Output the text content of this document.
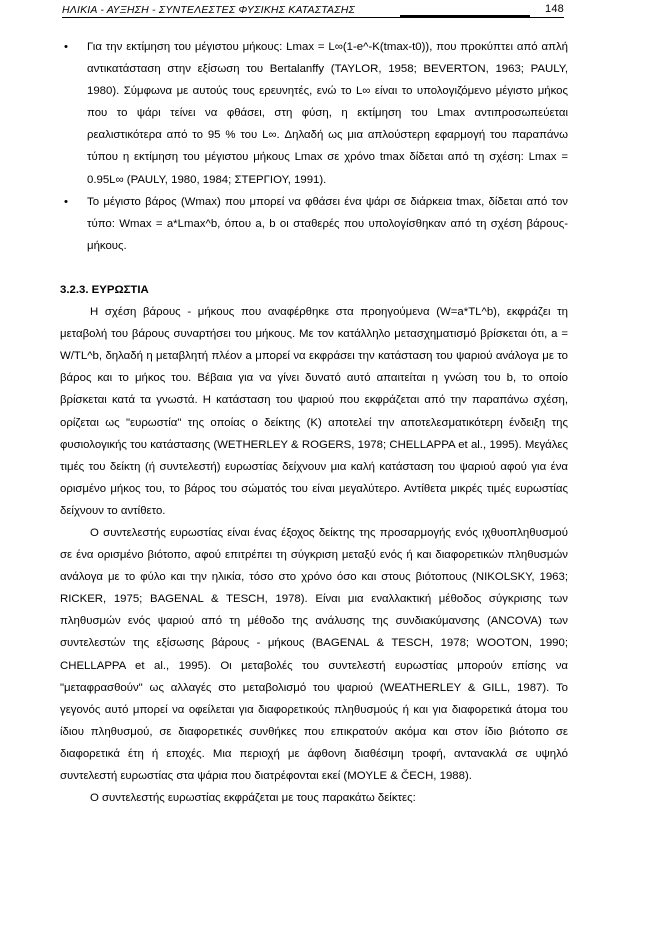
ΗΛΙΚΙΑ - ΑΥΞΗΣΗ - ΣΥΝΤΕΛΕΣΤΕΣ ΦΥΣΙΚΗΣ ΚΑΤΑΣΤΑΣΗΣ	148
• Για την εκτίμηση του μέγιστου μήκους: Lmax = L∞(1-e^-K(tmax-t0)), που προκύπτει από απλή αντικατάσταση στην εξίσωση του Bertalanffy (TAYLOR, 1958; BEVERTON, 1963; PAULY, 1980). Σύμφωνα με αυτούς τους ερευνητές, ενώ το L∞ είναι το υπολογιζόμενο μέγιστο μήκος που το ψάρι τείνει να φθάσει, στη φύση, η εκτίμηση του Lmax αντιπροσωπεύεται ρεαλιστικότερα από το 95 % του L∞. Δηλαδή ως μια απλούστερη εφαρμογή του παραπάνω τύπου η εκτίμηση του μέγιστου μήκους Lmax σε χρόνο tmax δίδεται από τη σχέση: Lmax = 0.95L∞ (PAULY, 1980, 1984; ΣΤΕΡΓΙΟΥ, 1991).

• Το μέγιστο βάρος (Wmax) που μπορεί να φθάσει ένα ψάρι σε διάρκεια tmax, δίδεται από τον τύπο: Wmax = a*Lmax^b, όπου a, b οι σταθερές που υπολογίσθηκαν από τη σχέση βάρους-μήκους.

3.2.3. ΕΥΡΩΣΤΙΑ

Η σχέση βάρους - μήκους που αναφέρθηκε στα προηγούμενα (W=a*TL^b), εκφράζει τη μεταβολή του βάρους συναρτήσει του μήκους. Με τον κατάλληλο μετασχηματισμό βρίσκεται ότι, a = W/TL^b, δηλαδή η μεταβλητή πλέον a μπορεί να εκφράσει την κατάσταση του ψαριού ανάλογα με το βάρος και το μήκος του. Βέβαια για να γίνει δυνατό αυτό απαιτείται η γνώση του b, το οποίο βρίσκεται κατά τα γνωστά. Η κατάσταση του ψαριού που εκφράζεται από την παραπάνω σχέση, ορίζεται ως "ευρωστία" της οποίας ο δείκτης (K) αποτελεί την αποτελεσματικότερη ένδειξη της φυσιολογικής του κατάστασης (WETHERLEY & ROGERS, 1978; CHELLAPPA et al., 1995). Μεγάλες τιμές του δείκτη (ή συντελεστή) ευρωστίας δείχνουν μια καλή κατάσταση του ψαριού αφού για ένα ορισμένο μήκος του, το βάρος του σώματός του είναι μεγαλύτερο. Αντίθετα μικρές τιμές ευρωστίας δείχνουν το αντίθετο.

Ο συντελεστής ευρωστίας είναι ένας έξοχος δείκτης της προσαρμογής ενός ιχθυοπληθυσμού σε ένα ορισμένο βιότοπο, αφού επιτρέπει τη σύγκριση μεταξύ ενός ή και διαφορετικών πληθυσμών ανάλογα με το φύλο και την ηλικία, τόσο στο χρόνο όσο και στους βιότοπους (NIKOLSKY, 1963; RICKER, 1975; BAGENAL & TESCH, 1978). Είναι μια εναλλακτική μέθοδος σύγκρισης των πληθυσμών ενός ψαριού από τη μέθοδο της ανάλυσης της συνδιακύμανσης (ANCOVA) των συντελεστών της εξίσωσης βάρους - μήκους (BAGENAL & TESCH, 1978; WOOTON, 1990; CHELLAPPA et al., 1995). Οι μεταβολές του συντελεστή ευρωστίας μπορούν επίσης να "μεταφρασθούν" ως αλλαγές στο μεταβολισμό του ψαριού (WEATHERLEY & GILL, 1987). Το γεγονός αυτό μπορεί να οφείλεται για διαφορετικούς πληθυσμούς ή και για διαφορετικά άτομα του ίδιου πληθυσμού, σε διαφορετικές συνθήκες που επικρατούν ακόμα και στον ίδιο βιότοπο σε διαφορετικά έτη ή εποχές. Μια περιοχή με άφθονη διαθέσιμη τροφή, αντανακλά σε υψηλό συντελεστή ευρωστίας στα ψάρια που διατρέφονται εκεί (MOYLE & ČECH, 1988).

Ο συντελεστής ευρωστίας εκφράζεται με τους παρακάτω δείκτες:
